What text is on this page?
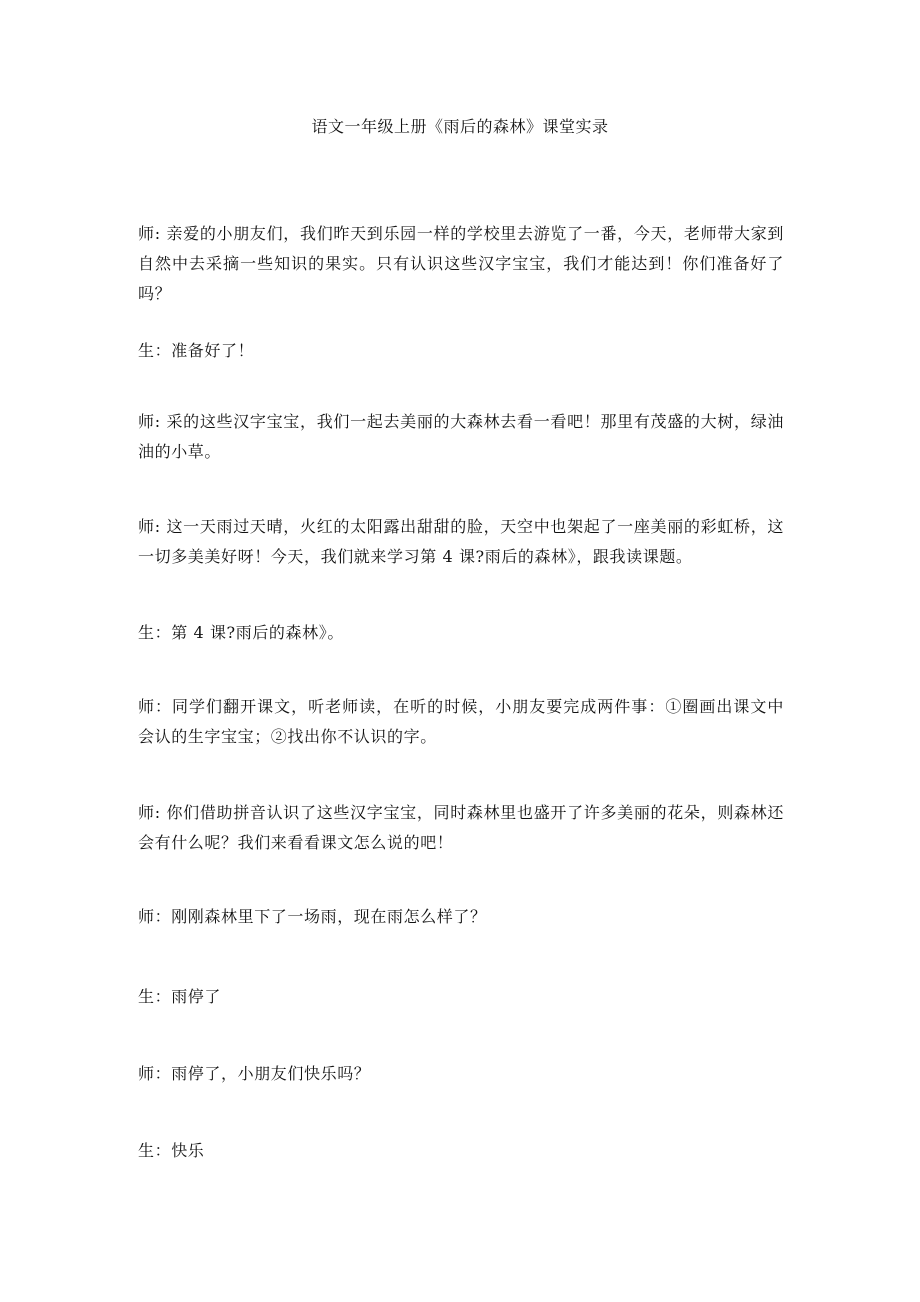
语文一年级上册《雨后的森林》课堂实录

师: 亲爱的小朋友们，我们昨天到乐园一样的学校里去游览了一番，今天，老师带大家到自然中去采摘一些知识的果实。只有认识这些汉字宝宝，我们才能达到！你们准备好了吗？

生：准备好了！

师: 采的这些汉字宝宝，我们一起去美丽的大森林去看一看吧！那里有茂盛的大树，绿油油的小草。

师: 这一天雨过天晴，火红的太阳露出甜甜的脸，天空中也架起了一座美丽的彩虹桥，这一切多美美好呀！今天，我们就来学习第 4 课?雨后的森林》，跟我读课题。

生：第 4 课?雨后的森林》。

师：同学们翻开课文，听老师读，在听的时候，小朋友要完成两件事：①圈画出课文中会认的生字宝宝；②找出你不认识的字。

师: 你们借助拼音认识了这些汉字宝宝，同时森林里也盛开了许多美丽的花朵，则森林还会有什么呢？我们来看看课文怎么说的吧！

师：刚刚森林里下了一场雨，现在雨怎么样了？

生：雨停了

师：雨停了，小朋友们快乐吗？

生：快乐
